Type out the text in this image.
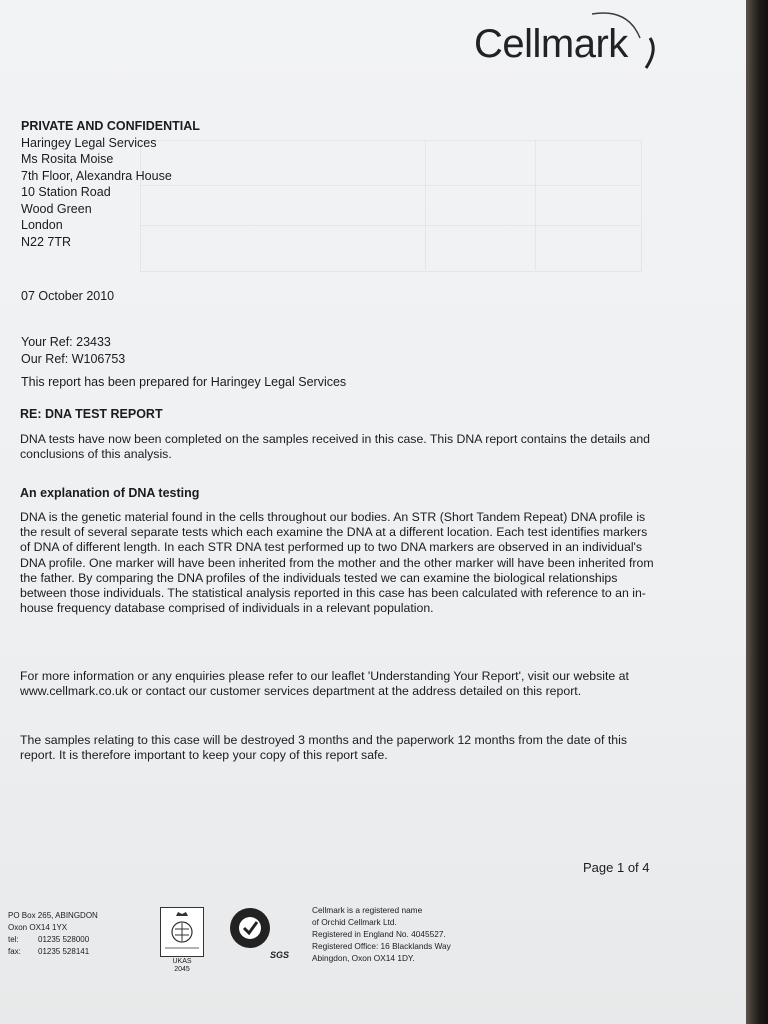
Cellmark

PRIVATE AND CONFIDENTIAL

Haringey Legal Services

Ms Rosita Moise

7th Floor, Alexandra House

10 Station Road

Wood Green

London

N22 7TR

07 October 2010
Your Ref: 23433
Our Ref: W106753
This report has been prepared for Haringey Legal Services
RE: DNA TEST REPORT

DNA tests have now been completed on the samples received in this case. This DNA report contains the details and conclusions of this analysis.

An explanation of DNA testing

DNA is the genetic material found in the cells throughout our bodies. An STR (Short Tandem Repeat) DNA profile is the result of several separate tests which each examine the DNA at a different location. Each test identifies markers of DNA of different length. In each STR DNA test performed up to two DNA markers are observed in an individual's DNA profile. One marker will have been inherited from the mother and the other marker will have been inherited from the father. By comparing the DNA profiles of the individuals tested we can examine the biological relationships between those individuals. The statistical analysis reported in this case has been calculated with reference to an in-house frequency database comprised of individuals in a relevant population.

For more information or any enquiries please refer to our leaflet 'Understanding Your Report', visit our website at www.cellmark.co.uk or contact our customer services department at the address detailed on this report.

The samples relating to this case will be destroyed 3 months and the paperwork 12 months from the date of this report. It is therefore important to keep your copy of this report safe.

Page 1 of 4
PO Box 265, ABINGDON
Oxon OX14 1YX
tel:	01235 528000
fax:	01235 528141
UKAS
2045
SGS
Cellmark is a registered name
of Orchid Cellmark Ltd.
Registered in England No. 4045527.
Registered Office: 16 Blacklands Way
Abingdon, Oxon OX14 1DY.
